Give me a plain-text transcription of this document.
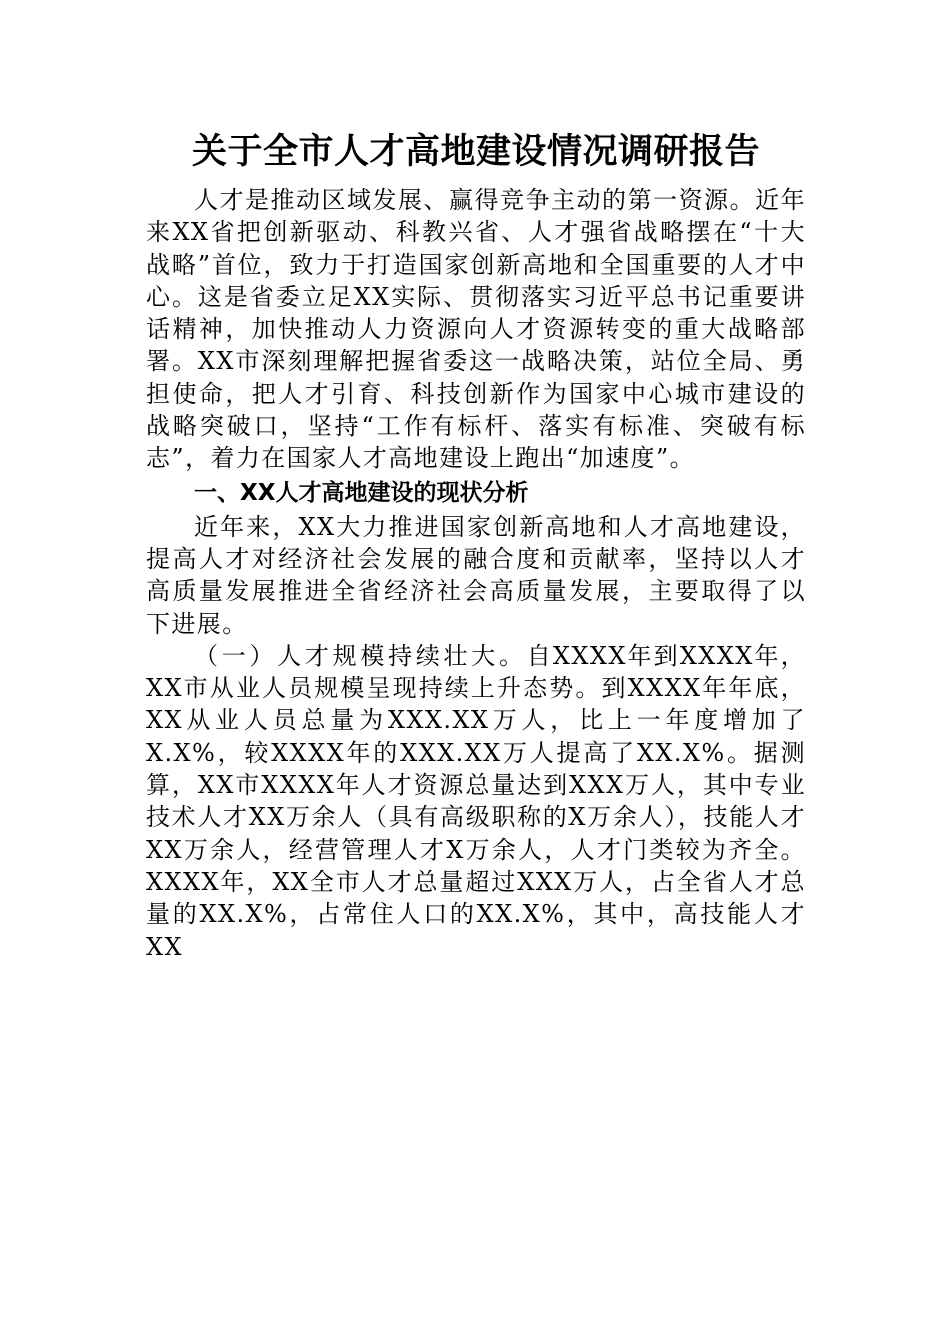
关于全市人才高地建设情况调研报告

人才是推动区域发展、赢得竞争主动的第一资源。近年来XX省把创新驱动、科教兴省、人才强省战略摆在“十大战略”首位，致力于打造国家创新高地和全国重要的人才中心。这是省委立足XX实际、贯彻落实习近平总书记重要讲话精神，加快推动人力资源向人才资源转变的重大战略部署。XX市深刻理解把握省委这一战略决策，站位全局、勇担使命，把人才引育、科技创新作为国家中心城市建设的战略突破口，坚持“工作有标杆、落实有标准、突破有标志”，着力在国家人才高地建设上跑出“加速度”。

一、XX人才高地建设的现状分析

近年来，XX大力推进国家创新高地和人才高地建设，提高人才对经济社会发展的融合度和贡献率，坚持以人才高质量发展推进全省经济社会高质量发展，主要取得了以下进展。

（一）人才规模持续壮大。自XXXX年到XXXX年，XX市从业人员规模呈现持续上升态势。到XXXX年年底，XX从业人员总量为XXX.XX万人，比上一年度增加了X.X%，较XXXX年的XXX.XX万人提高了XX.X%。据测算，XX市XXXX年人才资源总量达到XXX万人，其中专业技术人才XX万余人（具有高级职称的X万余人），技能人才XX万余人，经营管理人才X万余人，人才门类较为齐全。XXXX年，XX全市人才总量超过XXX万人，占全省人才总量的XX.X%，占常住人口的XX.X%，其中，高技能人才XX
